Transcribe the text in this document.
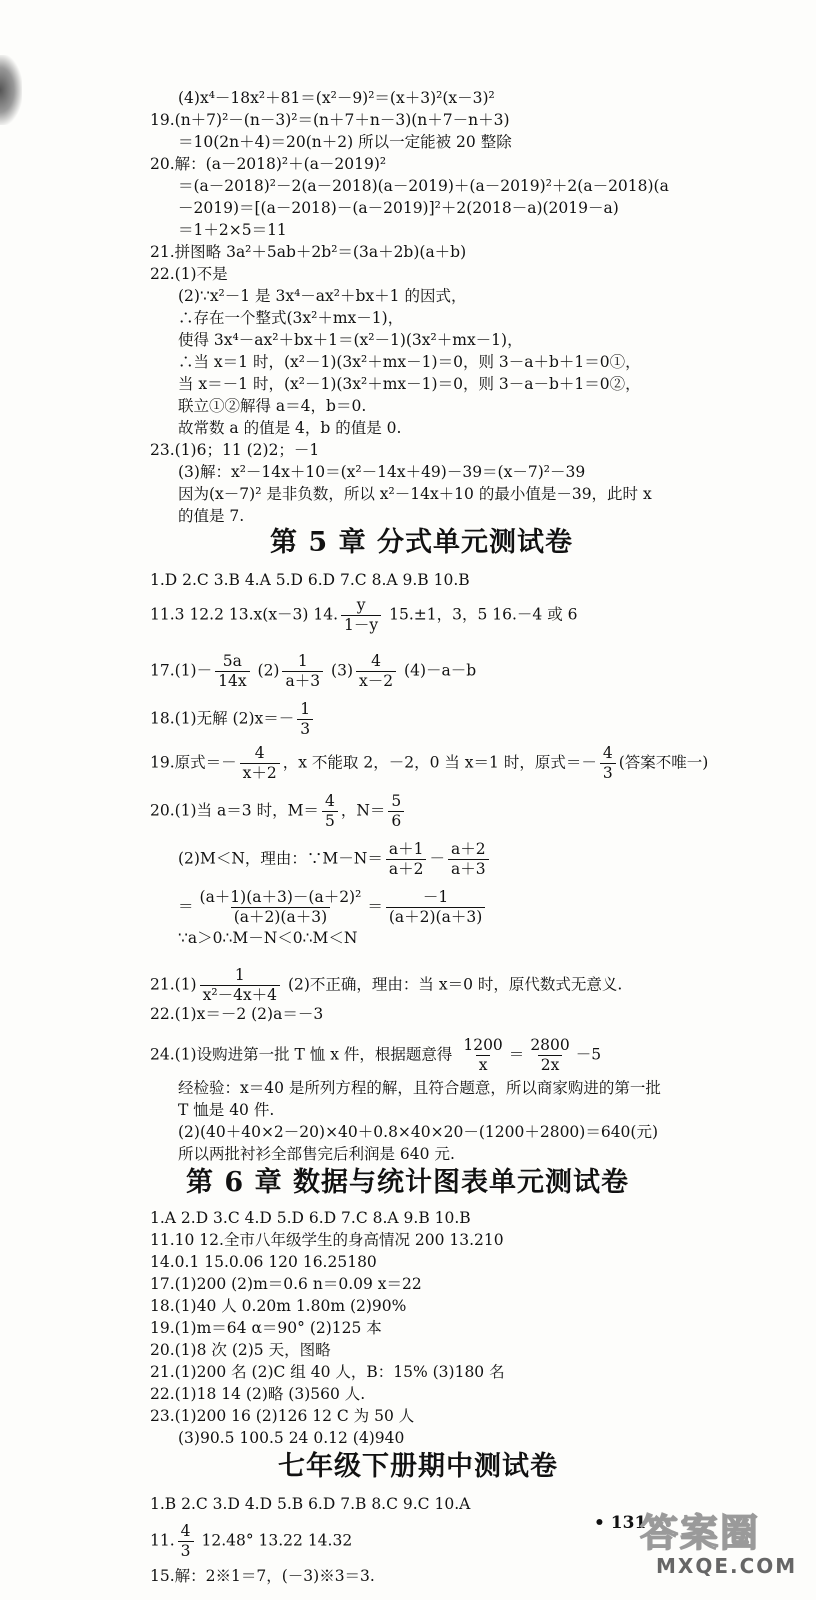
(4)x⁴－18x²＋81＝(x²－9)²＝(x＋3)²(x－3)²
19.(n＋7)²－(n－3)²＝(n＋7＋n－3)(n＋7－n＋3)
＝10(2n＋4)＝20(n＋2) 所以一定能被 20 整除
20.解：(a－2018)²＋(a－2019)²
＝(a－2018)²－2(a－2018)(a－2019)＋(a－2019)²＋2(a－2018)(a
－2019)＝[(a－2018)－(a－2019)]²＋2(2018－a)(2019－a)
＝1＋2×5＝11
21.拼图略 3a²＋5ab＋2b²＝(3a＋2b)(a＋b)
22.(1)不是
(2)∵x²－1 是 3x⁴－ax²＋bx＋1 的因式，
∴存在一个整式(3x²＋mx－1)，
使得 3x⁴－ax²＋bx＋1＝(x²－1)(3x²＋mx－1)，
∴当 x＝1 时，(x²－1)(3x²＋mx－1)＝0，则 3－a＋b＋1＝0①，
当 x＝－1 时，(x²－1)(3x²＋mx－1)＝0，则 3－a－b＋1＝0②，
联立①②解得 a＝4，b＝0.
故常数 a 的值是 4，b 的值是 0.
23.(1)6；11 (2)2；－1
(3)解：x²－14x＋10＝(x²－14x＋49)－39＝(x－7)²－39
因为(x－7)² 是非负数，所以 x²－14x＋10 的最小值是－39，此时 x
的值是 7.
第 5 章 分式单元测试卷
1.D 2.C 3.B 4.A 5.D 6.D 7.C 8.A 9.B 10.B
11.3 12.2 13.x(x－3) 14. $\frac{y}{1-y} 15.\pm 1$，3，5 16.－4 或 6
$17.(1)- \frac{5a}{14x} (2) \frac{1}{a+3} (3) \frac{4}{x-2} (4)-a-b$
18.(1)无解 $(2)x=- \frac{1}{3}$
19.原式＝－ $\frac{4}{x+2}$ ，x 不能取 2，－2，0 当 x＝1 时，原式＝－ $\frac{4}{3}$ (答案不唯一)
20.(1)当 a＝3 时，$M= \frac{4}{5}$ ，$N= \frac{5}{6}$
(2)M＜N，理由：∵M－N＝ $\frac{a+1}{a+2} - \frac{a+2}{a+3}$
＝ $\frac{\text{(a＋1)(a＋3)－(a＋2)²}}{(a+2)(a+3)} = \frac{-1}{(a+2)(a+3)}$
∵a＞0∴M－N＜0∴M＜N
$21.(1) \frac{1}{\text{x²－4x＋4}} (2)$不正确，理由：当 x＝0 时，原代数式无意义.
22.(1)x＝－2 (2)a＝－3
24.(1)设购进第一批 T 恤 x 件，根据题意得 $\frac{1200}{x} = \frac{2800}{2x} -5$
经检验：x＝40 是所列方程的解，且符合题意，所以商家购进的第一批
T 恤是 40 件.
(2)(40＋40×2－20)×40＋0.8×40×20－(1200＋2800)＝640(元)
所以两批衬衫全部售完后利润是 640 元.
第 6 章 数据与统计图表单元测试卷
1.A 2.D 3.C 4.D 5.D 6.D 7.C 8.A 9.B 10.B
11.10 12.全市八年级学生的身高情况 200 13.210
14.0.1 15.0.06 120 16.25180
17.(1)200 (2)m＝0.6 n＝0.09 x＝22
18.(1)40 人 0.20m 1.80m (2)90%
19.(1)m＝64 α＝90° (2)125 本
20.(1)8 次 (2)5 天，图略
21.(1)200 名 (2)C 组 40 人，B：15% (3)180 名
22.(1)18 14 (2)略 (3)560 人.
23.(1)200 16 (2)126 12 C 为 50 人
(3)90.5 100.5 24 0.12 (4)940
七年级下册期中测试卷
1.B 2.C 3.D 4.D 5.B 6.D 7.B 8.C 9.C 10.A
11. $\frac{4}{3} 12.48^\circ$ 13.22 14.32
15.解：2※1＝7，(－3)※3＝3.
• 131
答案圈
MXQE.COM
